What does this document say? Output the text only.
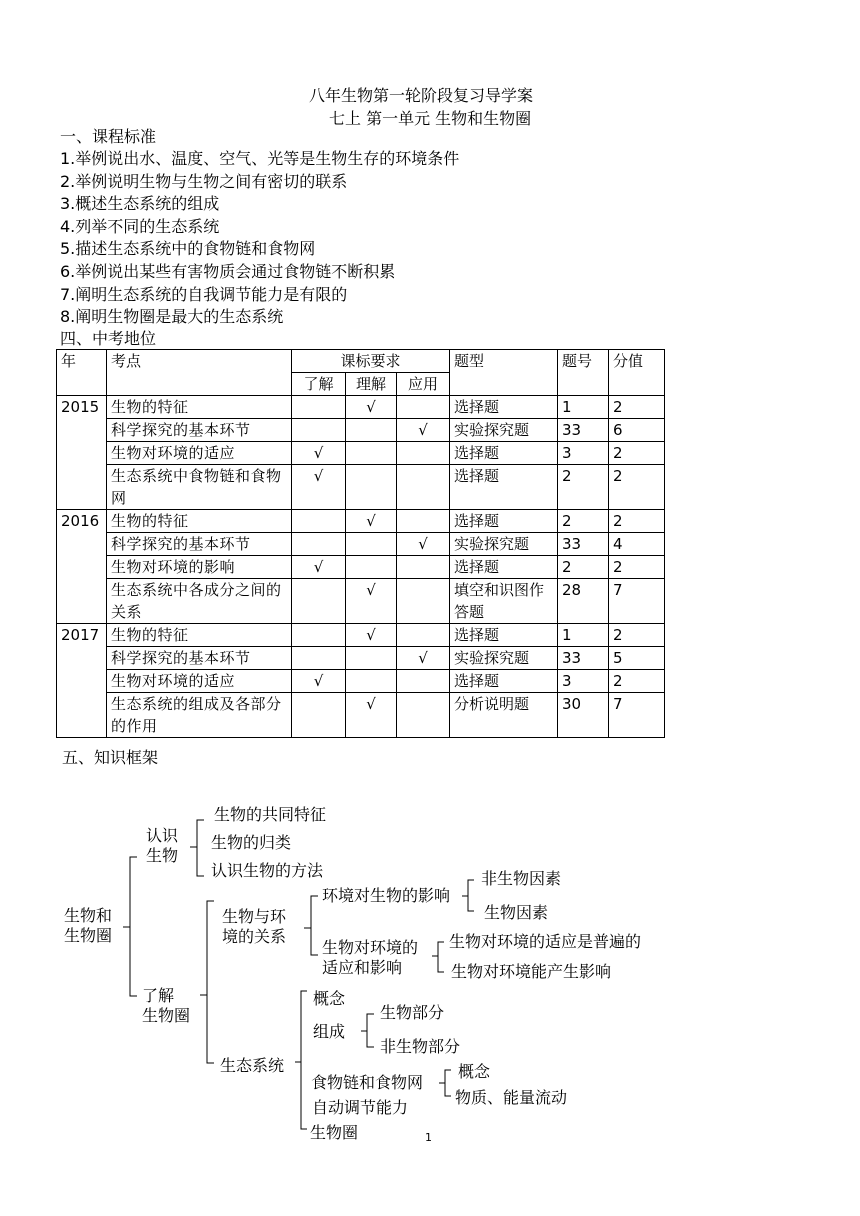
八年生物第一轮阶段复习导学案
七上 第一单元 生物和生物圈
一、课程标准
1.举例说出水、温度、空气、光等是生物生存的环境条件
2.举例说明生物与生物之间有密切的联系
3.概述生态系统的组成
4.列举不同的生态系统
5.描述生态系统中的食物链和食物网
6.举例说出某些有害物质会通过食物链不断积累
7.阐明生态系统的自我调节能力是有限的
8.阐明生物圈是最大的生态系统
四、中考地位
年	考点	课标要求			题型	题号	分值
		了解	理解	应用			
2015	生物的特征		√		选择题	1	2
	科学探究的基本环节			√	实验探究题	33	6
	生物对环境的适应	√			选择题	3	2
	生态系统中食物链和食物网	√			选择题	2	2
2016	生物的特征		√		选择题	2	2
	科学探究的基本环节			√	实验探究题	33	4
	生物对环境的影响	√			选择题	2	2
	生态系统中各成分之间的关系		√		填空和识图作答题	28	7
2017	生物的特征		√		选择题	1	2
	科学探究的基本环节			√	实验探究题	33	5
	生物对环境的适应	√			选择题	3	2
	生态系统的组成及各部分的作用		√		分析说明题	30	7
五、知识框架
生物和
生物圈
认识
生物
生物的共同特征
生物的归类
认识生物的方法
了解
生物圈
生物与环
境的关系
环境对生物的影响
非生物因素
生物因素
生物对环境的
适应和影响
生物对环境的适应是普遍的
生物对环境能产生影响
生态系统
概念
组成
生物部分
非生物部分
食物链和食物网
概念
物质、能量流动
自动调节能力
生物圈	1
